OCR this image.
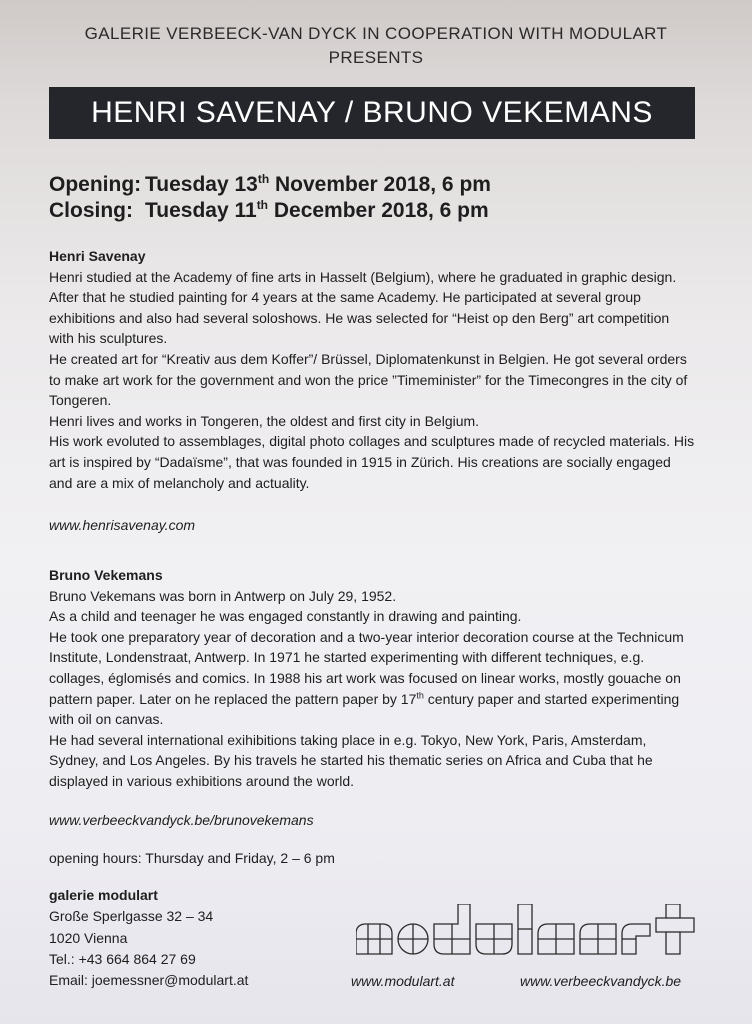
GALERIE VERBEECK-VAN DYCK IN COOPERATION WITH MODULART
PRESENTS
HENRI SAVENAY / BRUNO VEKEMANS
Opening: Tuesday 13th November 2018, 6 pm
Closing: Tuesday 11th December 2018, 6 pm
Henri Savenay

Henri studied at the Academy of fine arts in Hasselt (Belgium), where he graduated in graphic design. After that he studied painting for 4 years at the same Academy. He participated at several group exhibitions and also had several soloshows. He was selected for “Heist op den Berg” art competition with his sculptures.

He created art for “Kreativ aus dem Koffer”/ Brüssel, Diplomatenkunst in Belgien. He got several orders to make art work for the government and won the price ”Timeminister” for the Timecongres in the city of Tongeren.

Henri lives and works in Tongeren, the oldest and first city in Belgium.

His work evoluted to assemblages, digital photo collages and sculptures made of recycled materials. His art is inspired by “Dadaïsme”, that was founded in 1915 in Zürich. His creations are socially engaged and are a mix of melancholy and actuality.

www.henrisavenay.com
Bruno Vekemans

Bruno Vekemans was born in Antwerp on July 29, 1952.

As a child and teenager he was engaged constantly in drawing and painting.

He took one preparatory year of decoration and a two-year interior decoration course at the Technicum Institute, Londenstraat, Antwerp. In 1971 he started experimenting with different techniques, e.g. collages, églomisés and comics. In 1988 his art work was focused on linear works, mostly gouache on pattern paper. Later on he replaced the pattern paper by 17th century paper and started experimenting with oil on canvas.

He had several international exihibitions taking place in e.g. Tokyo, New York, Paris, Amsterdam, Sydney, and Los Angeles. By his travels he started his thematic series on Africa and Cuba that he displayed in various exhibitions around the world.

www.verbeeckvandyck.be/brunovekemans
opening hours: Thursday and Friday, 2 – 6 pm
galerie modulart
Große Sperlgasse 32 – 34
1020 Vienna
Tel.: +43 664 864 27 69
Email: joemessner@modulart.at	www.modulart.at	www.verbeeckvandyck.be
